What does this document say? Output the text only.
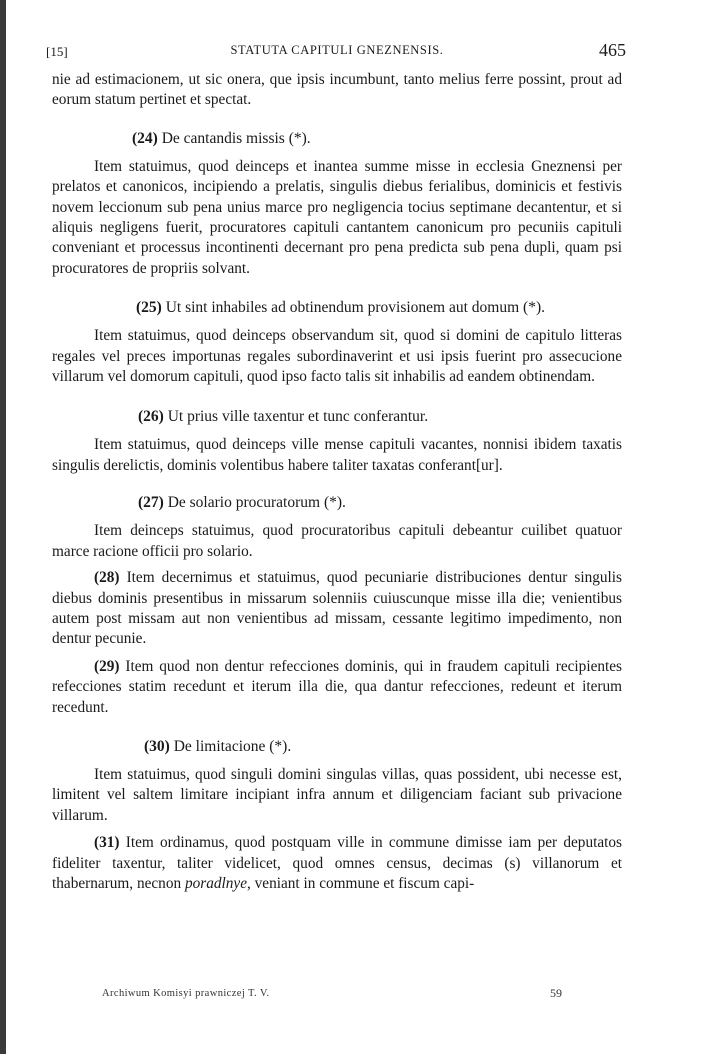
[15]	STATUTA CAPITULI GNEZNENSIS.	465

nie ad estimacionem, ut sic onera, que ipsis incumbunt, tanto melius ferre possint, prout ad eorum statum pertinet et spectat.

(24) De cantandis missis (*).

Item statuimus, quod deinceps et inantea summe misse in ecclesia Gneznensi per prelatos et canonicos, incipiendo a prelatis, singulis diebus ferialibus, dominicis et festivis novem leccionum sub pena unius marce pro negligencia tocius septimane decantentur, et si aliquis negligens fuerit, procuratores capituli cantantem canonicum pro pecuniis capituli conveniant et processus incontinenti decernant pro pena predicta sub pena dupli, quam psi procuratores de propriis solvant.

(25) Ut sint inhabiles ad obtinendum provisionem aut domum (*).

Item statuimus, quod deinceps observandum sit, quod si domini de capitulo litteras regales vel preces importunas regales subordinaverint et usi ipsis fuerint pro assecucione villarum vel domorum capituli, quod ipso facto talis sit inhabilis ad eandem obtinendam.

(26) Ut prius ville taxentur et tunc conferantur.

Item statuimus, quod deinceps ville mense capituli vacantes, nonnisi ibidem taxatis singulis derelictis, dominis volentibus habere taliter taxatas conferant[ur].

(27) De solario procuratorum (*).

Item deinceps statuimus, quod procuratoribus capituli debeantur cuilibet quatuor marce racione officii pro solario.

(28) Item decernimus et statuimus, quod pecuniarie distribuciones dentur singulis diebus dominis presentibus in missarum solenniis cuiuscunque misse illa die; venientibus autem post missam aut non venientibus ad missam, cessante legitimo impedimento, non dentur pecunie.

(29) Item quod non dentur refecciones dominis, qui in fraudem capituli recipientes refecciones statim recedunt et iterum illa die, qua dantur refecciones, redeunt et iterum recedunt.

(30) De limitacione (*).

Item statuimus, quod singuli domini singulas villas, quas possident, ubi necesse est, limitent vel saltem limitare incipiant infra annum et diligenciam faciant sub privacione villarum.

(31) Item ordinamus, quod postquam ville in commune dimisse iam per deputatos fideliter taxentur, taliter videlicet, quod omnes census, decimas (s) villanorum et thabernarum, necnon poradlnye, veniant in commune et fiscum capi-

Archiwum Komisyi prawniczej T. V.	59
